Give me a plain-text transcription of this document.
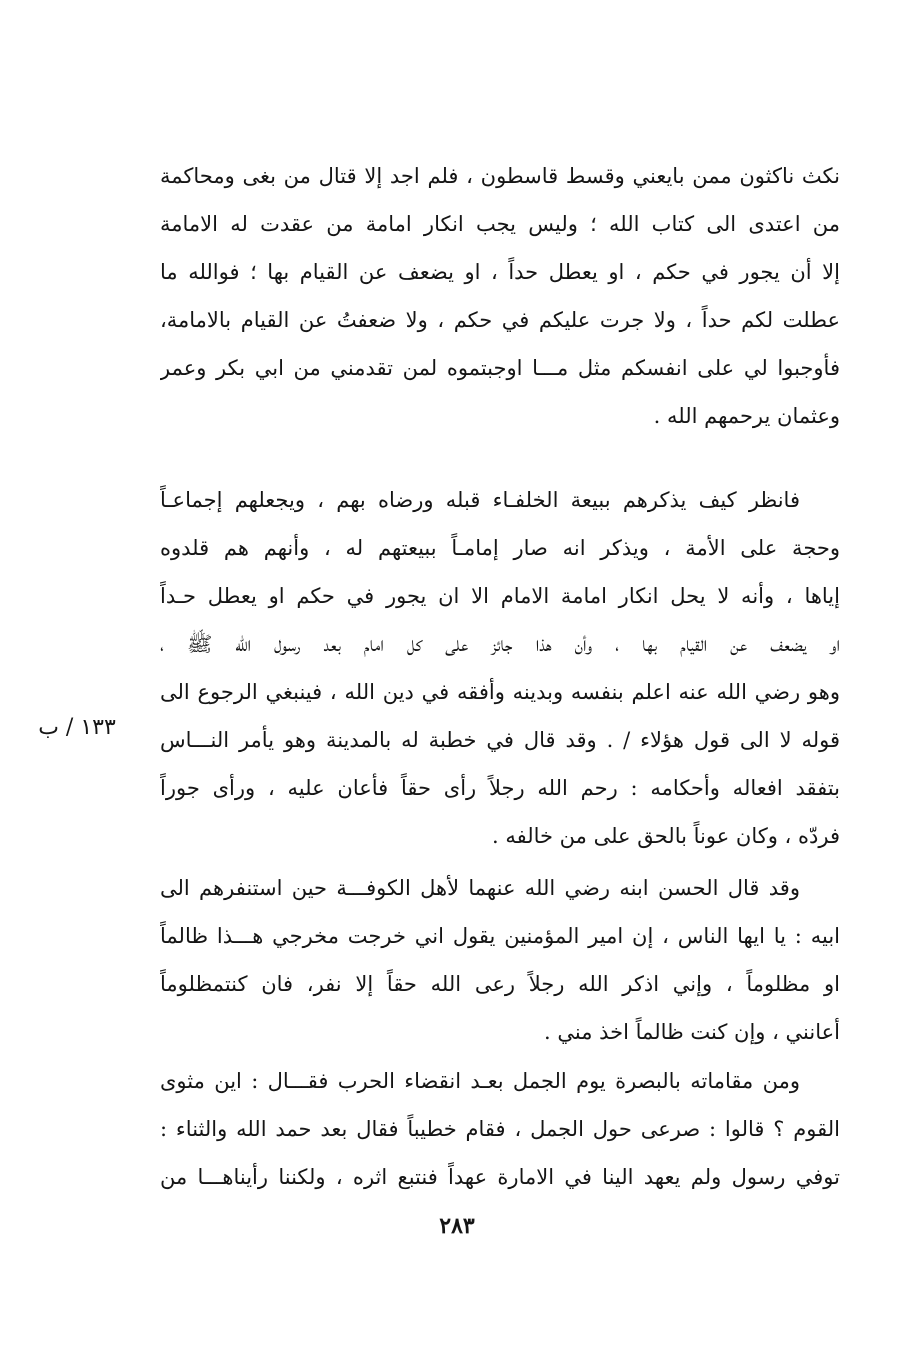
نكث ناكثون ممن بايعني وقسط قاسطون ، فلم اجد إلا قتال من بغى ومحاكمة
من اعتدى الى كتاب الله ؛ وليس يجب انكار امامة من عقدت له الامامة
إلا أن يجور في حكم ، او يعطل حداً ، او يضعف عن القيام بها ؛ فوالله ما
عطلت لكم حداً ، ولا جرت عليكم في حكم ، ولا ضعفتُ عن القيام بالامامة،
فأوجبوا لي على انفسكم مثل مـــا اوجبتموه لمن تقدمني من ابي بكر وعمر
وعثمان يرحمهم الله .
فانظر كيف يذكرهم ببيعة الخلفـاء قبله ورضاه بهم ، ويجعلهم إجماعـاً
وحجة على الأمة ، ويذكر انه صار إمامـاً ببيعتهم له ، وأنهم هم قلدوه
إياها ، وأنه لا يحل انكار امامة الامام الا ان يجور في حكم او يعطل حـداً
او يضعف عن القيام بها ، وأن هذا جائز على كل امام بعد رسول الله ﷺ ،
وهو رضي الله عنه اعلم بنفسه وبدينه وأفقه في دين الله ، فينبغي الرجوع الى
قوله لا الى قول هؤلاء / . وقد قال في خطبة له بالمدينة وهو يأمر النـــاس
بتفقد افعاله وأحكامه : رحم الله رجلاً رأى حقاً فأعان عليه ، ورأى جوراً
فردّه ، وكان عوناً بالحق على من خالفه .
وقد قال الحسن ابنه رضي الله عنهما لأهل الكوفـــة حين استنفرهم الى
ابيه : يا ايها الناس ، إن امير المؤمنين يقول اني خرجت مخرجي هـــذا ظالماً
او مظلوماً ، وإني اذكر الله رجلاً رعى الله حقاً إلا نفر، فان كنتمظلوماً
أعانني ، وإن كنت ظالماً اخذ مني .
ومن مقاماته بالبصرة يوم الجمل بعـد انقضاء الحرب فقـــال : اين مثوى
القوم ؟ قالوا : صرعى حول الجمل ، فقام خطيباً فقال بعد حمد الله والثناء :
توفي رسول ولم يعهد الينا في الامارة عهداً فنتبع اثره ، ولكننا رأيناهـــا من
١٣٣ / ب
٢٨٣
